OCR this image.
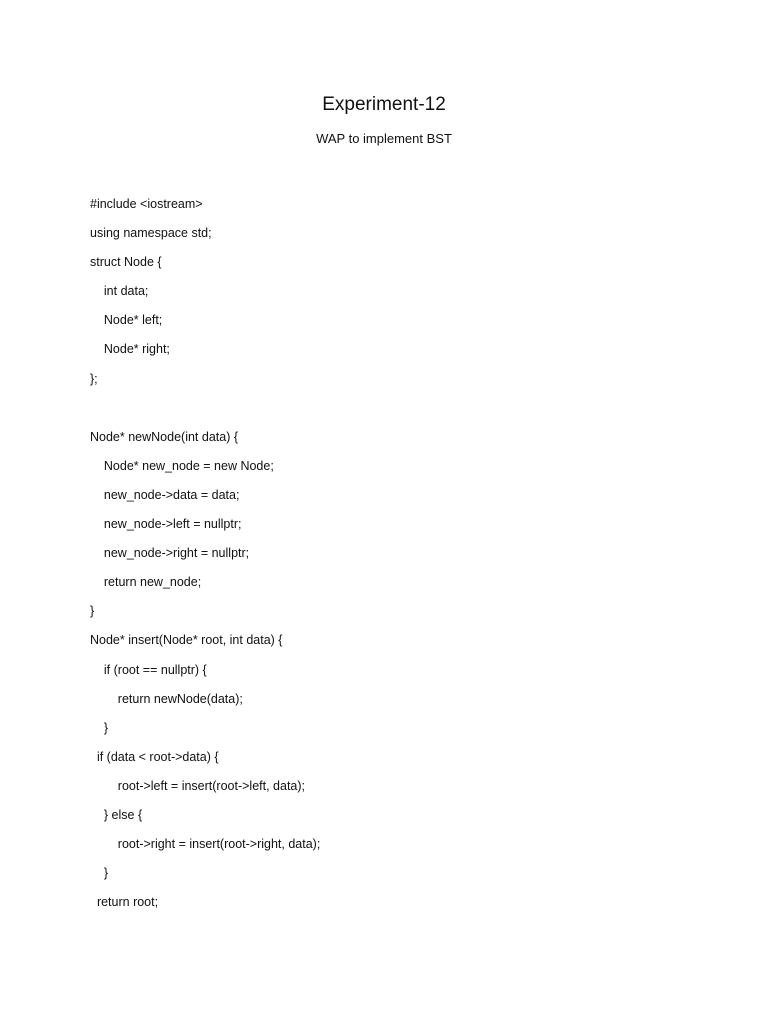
Experiment-12

WAP to implement BST

#include <iostream>
using namespace std;
struct Node {
int data;
Node* left;
Node* right;
};
Node* newNode(int data) {
Node* new_node = new Node;
new_node->data = data;
new_node->left = nullptr;
new_node->right = nullptr;
return new_node;
}
Node* insert(Node* root, int data) {
if (root == nullptr) {
return newNode(data);
}
if (data < root->data) {
root->left = insert(root->left, data);
} else {
root->right = insert(root->right, data);
}
return root;
